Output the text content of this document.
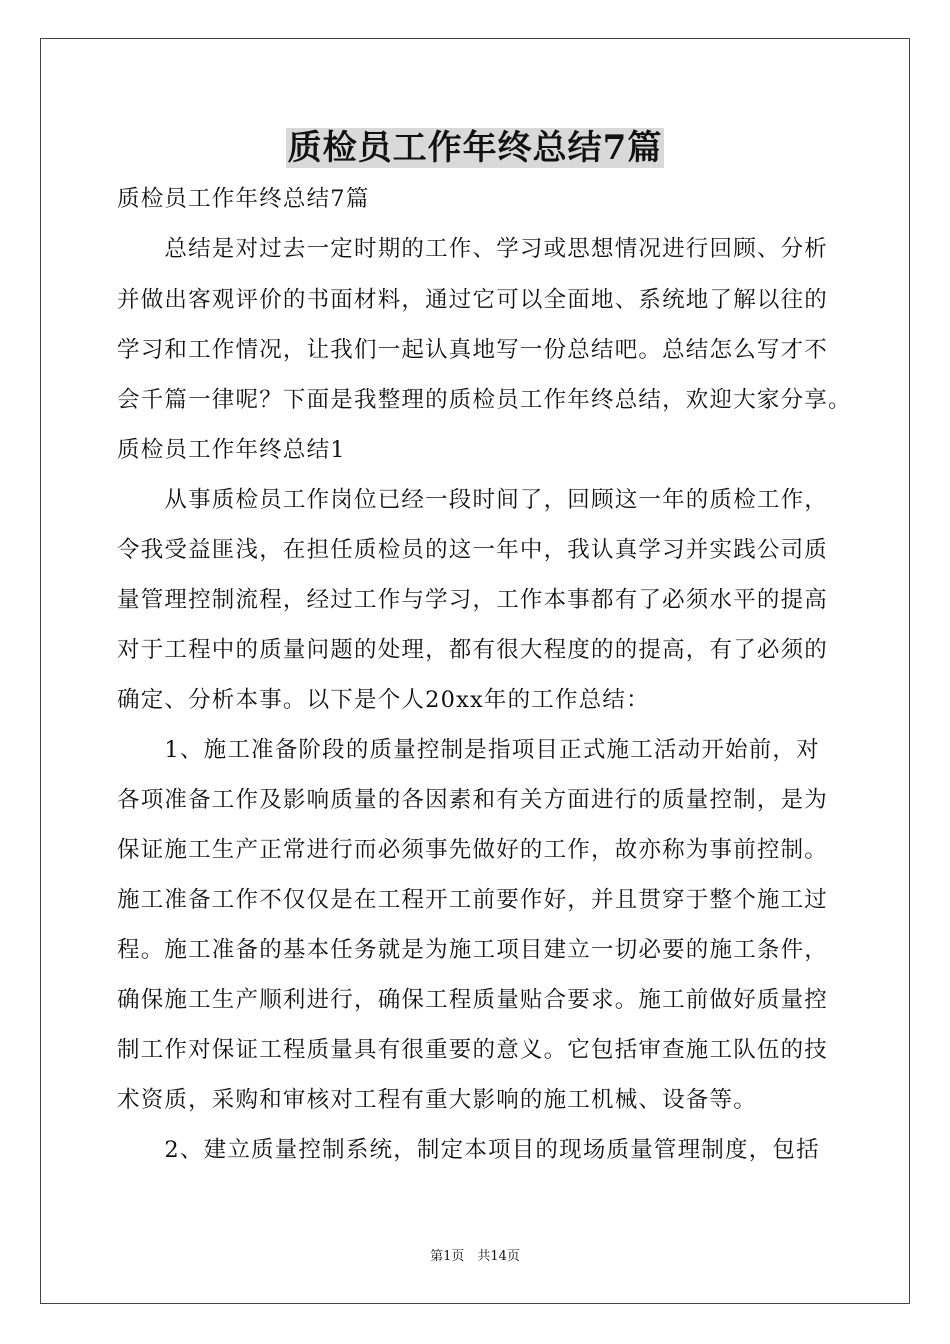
质检员工作年终总结7篇
质检员工作年终总结7篇
　　总结是对过去一定时期的工作、学习或思想情况进行回顾、分析
并做出客观评价的书面材料，通过它可以全面地、系统地了解以往的
学习和工作情况，让我们一起认真地写一份总结吧。总结怎么写才不
会千篇一律呢？下面是我整理的质检员工作年终总结，欢迎大家分享。
质检员工作年终总结1
　　从事质检员工作岗位已经一段时间了，回顾这一年的质检工作，
令我受益匪浅，在担任质检员的这一年中，我认真学习并实践公司质
量管理控制流程，经过工作与学习，工作本事都有了必须水平的提高
对于工程中的质量问题的处理，都有很大程度的的提高，有了必须的
确定、分析本事。以下是个人20xx年的工作总结：
　　1、施工准备阶段的质量控制是指项目正式施工活动开始前，对
各项准备工作及影响质量的各因素和有关方面进行的质量控制，是为
保证施工生产正常进行而必须事先做好的工作，故亦称为事前控制。
施工准备工作不仅仅是在工程开工前要作好，并且贯穿于整个施工过
程。施工准备的基本任务就是为施工项目建立一切必要的施工条件，
确保施工生产顺利进行，确保工程质量贴合要求。施工前做好质量控
制工作对保证工程质量具有很重要的意义。它包括审查施工队伍的技
术资质，采购和审核对工程有重大影响的施工机械、设备等。
　　2、建立质量控制系统，制定本项目的现场质量管理制度，包括
第1页　共14页
